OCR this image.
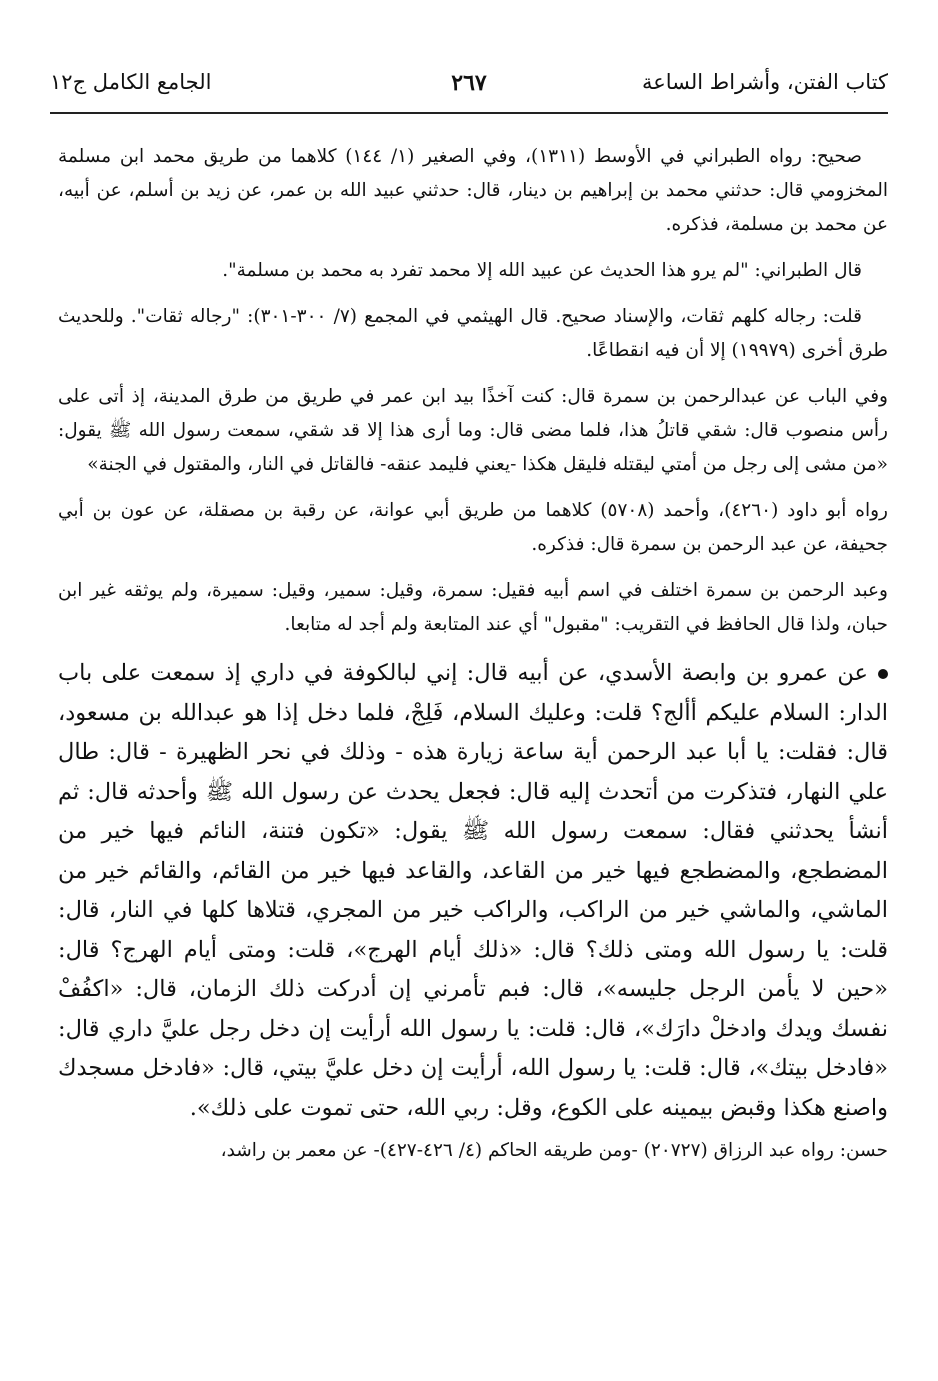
كتاب الفتن، وأشراط الساعة
٢٦٧
الجامع الكامل ج١٢

صحيح: رواه الطبراني في الأوسط (١٣١١)، وفي الصغير (١/ ١٤٤) كلاهما من طريق محمد ابن مسلمة المخزومي قال: حدثني محمد بن إبراهيم بن دينار، قال: حدثني عبيد الله بن عمر، عن زيد بن أسلم، عن أبيه، عن محمد بن مسلمة، فذكره.

قال الطبراني: "لم يرو هذا الحديث عن عبيد الله إلا محمد تفرد به محمد بن مسلمة".

قلت: رجاله كلهم ثقات، والإسناد صحيح. قال الهيثمي في المجمع (٧/ ٣٠٠-٣٠١): "رجاله ثقات". وللحديث طرق أخرى (١٩٩٧٩) إلا أن فيه انقطاعًا.

وفي الباب عن عبدالرحمن بن سمرة قال: كنت آخذًا بيد ابن عمر في طريق من طرق المدينة، إذ أتى على رأس منصوب قال: شقي قاتلُ هذا، فلما مضى قال: وما أرى هذا إلا قد شقي، سمعت رسول الله ﷺ يقول: «من مشى إلى رجل من أمتي ليقتله فليقل هكذا -يعني فليمد عنقه- فالقاتل في النار، والمقتول في الجنة»

رواه أبو داود (٤٢٦٠)، وأحمد (٥٧٠٨) كلاهما من طريق أبي عوانة، عن رقبة بن مصقلة، عن عون بن أبي جحيفة، عن عبد الرحمن بن سمرة قال: فذكره.

وعبد الرحمن بن سمرة اختلف في اسم أبيه فقيل: سمرة، وقيل: سمير، وقيل: سميرة، ولم يوثقه غير ابن حبان، ولذا قال الحافظ في التقريب: "مقبول" أي عند المتابعة ولم أجد له متابعا.

عن عمرو بن وابصة الأسدي، عن أبيه قال: إني لبالكوفة في داري إذ سمعت على باب الدار: السلام عليكم أألج؟ قلت: وعليك السلام، فَلِجْ، فلما دخل إذا هو عبدالله بن مسعود، قال: فقلت: يا أبا عبد الرحمن أية ساعة زيارة هذه - وذلك في نحر الظهيرة - قال: طال علي النهار، فتذكرت من أتحدث إليه قال: فجعل يحدث عن رسول الله ﷺ وأحدثه قال: ثم أنشأ يحدثني فقال: سمعت رسول الله ﷺ يقول: «تكون فتنة، النائم فيها خير من المضطجع، والمضطجع فيها خير من القاعد، والقاعد فيها خير من القائم، والقائم خير من الماشي، والماشي خير من الراكب، والراكب خير من المجري، قتلاها كلها في النار، قال: قلت: يا رسول الله ومتى ذلك؟ قال: «ذلك أيام الهرج»، قلت: ومتى أيام الهرج؟ قال: «حين لا يأمن الرجل جليسه»، قال: فبم تأمرني إن أدركت ذلك الزمان، قال: «اكفُفْ نفسك ويدك وادخلْ دارَك»، قال: قلت: يا رسول الله أرأيت إن دخل رجل عليَّ داري قال: «فادخل بيتك»، قال: قلت: يا رسول الله، أرأيت إن دخل عليَّ بيتي، قال: «فادخل مسجدك واصنع هكذا وقبض بيمينه على الكوع، وقل: ربي الله، حتى تموت على ذلك».

حسن: رواه عبد الرزاق (٢٠٧٢٧) -ومن طريقه الحاكم (٤/ ٤٢٦-٤٢٧)- عن معمر بن راشد،
